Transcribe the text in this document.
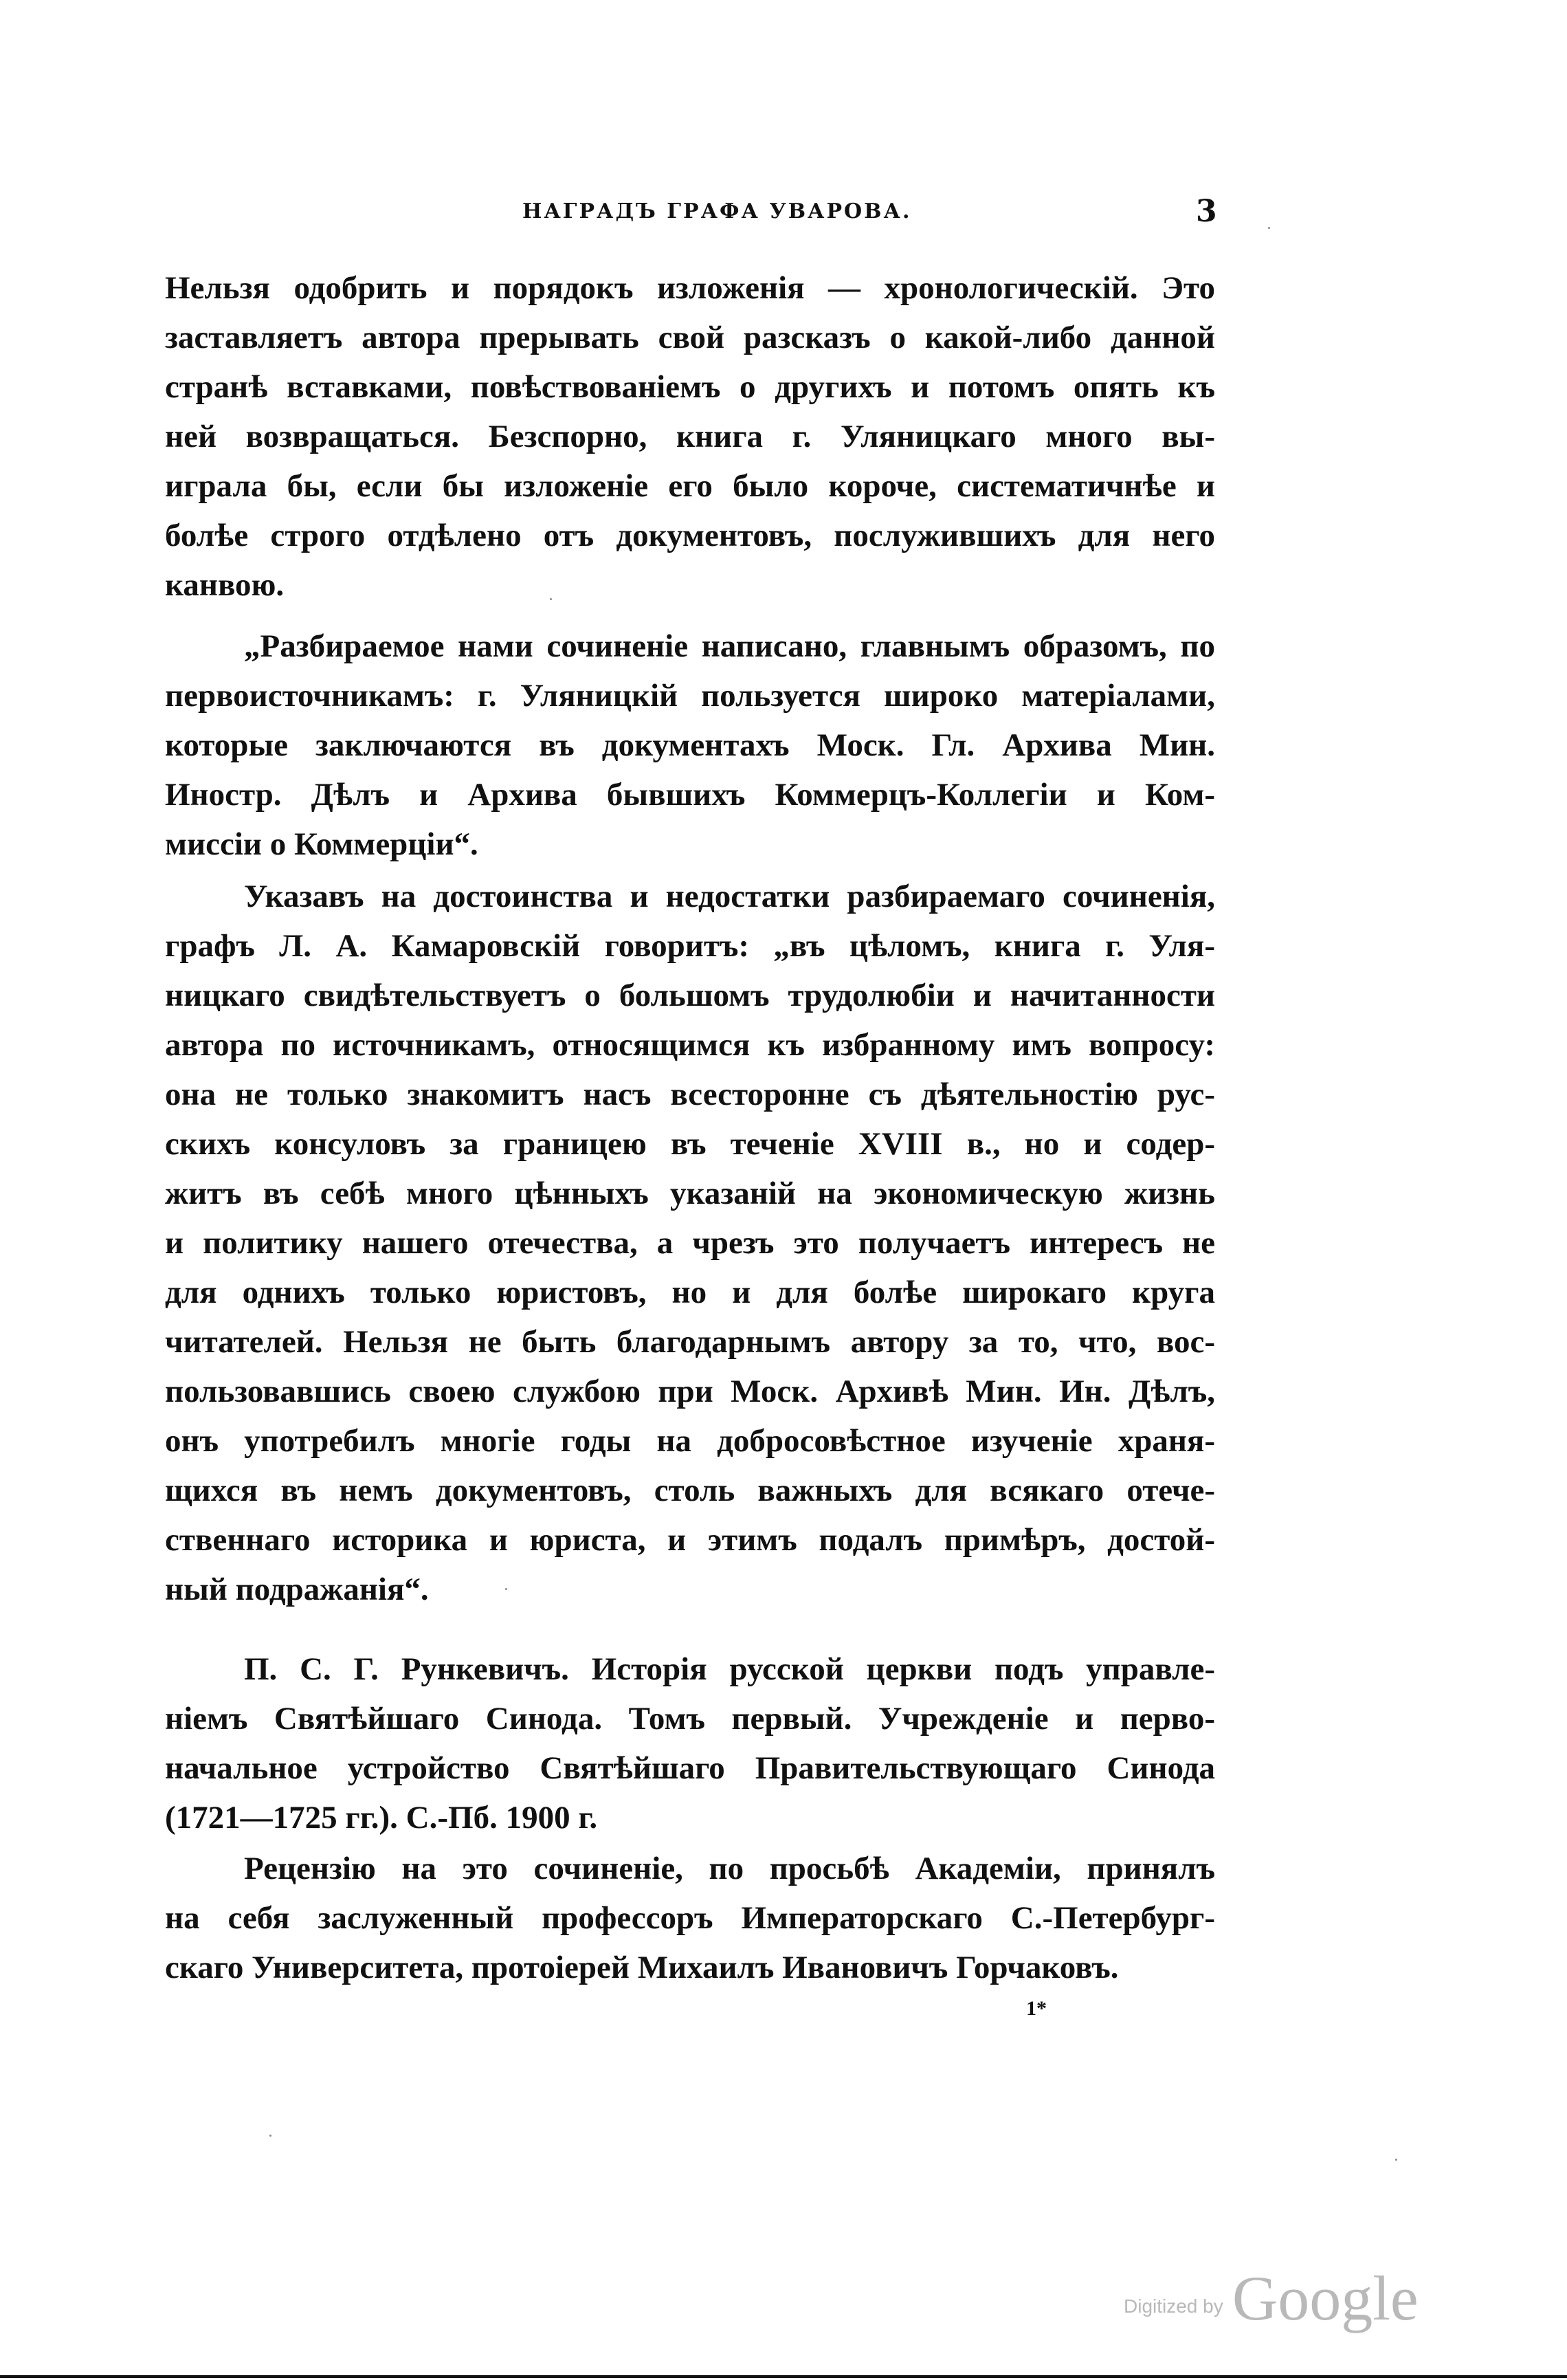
НАГРАДЪ ГРАФА УВАРОВА.	3
Нельзя одобрить и порядокъ изложенія — хронологическій. Это
заставляетъ автора прерывать свой разсказъ о какой-либо данной
странѣ вставками, повѣствованіемъ о другихъ и потомъ опять къ
ней возвращаться. Безспорно, книга г. Уляницкаго много вы-
играла бы, если бы изложеніе его было короче, систематичнѣе и
болѣе строго отдѣлено отъ документовъ, послужившихъ для него
канвою.
„Разбираемое нами сочиненіе написано, главнымъ образомъ, по
первоисточникамъ: г. Уляницкій пользуется широко матеріалами,
которые заключаются въ документахъ Моск. Гл. Архива Мин.
Иностр. Дѣлъ и Архива бывшихъ Коммерцъ-Коллегіи и Ком-
миссіи о Коммерціи“.
Указавъ на достоинства и недостатки разбираемаго сочиненія,
графъ Л. А. Камаровскій говоритъ: „въ цѣломъ, книга г. Уля-
ницкаго свидѣтельствуетъ о большомъ трудолюбіи и начитанности
автора по источникамъ, относящимся къ избранному имъ вопросу:
она не только знакомитъ насъ всесторонне съ дѣятельностію рус-
скихъ консуловъ за границею въ теченіе XVIII в., но и содер-
житъ въ себѣ много цѣнныхъ указаній на экономическую жизнь
и политику нашего отечества, а чрезъ это получаетъ интересъ не
для однихъ только юристовъ, но и для болѣе широкаго круга
читателей. Нельзя не быть благодарнымъ автору за то, что, вос-
пользовавшись своею службою при Моск. Архивѣ Мин. Ин. Дѣлъ,
онъ употребилъ многіе годы на добросовѣстное изученіе храня-
щихся въ немъ документовъ, столь важныхъ для всякаго отече-
ственнаго историка и юриста, и этимъ подалъ примѣръ, достой-
ный подражанія“.
П. С. Г. Рункевичъ. Исторія русской церкви подъ управле-
ніемъ Святѣйшаго Синода. Томъ первый. Учрежденіе и перво-
начальное устройство Святѣйшаго Правительствующаго Синода
(1721—1725 гг.). С.-Пб. 1900 г.
Рецензію на это сочиненіе, по просьбѣ Академіи, принялъ
на себя заслуженный профессоръ Императорскаго С.-Петербург-
скаго Университета, протоіерей Михаилъ Ивановичъ Горчаковъ.
1*
Digitized by Google
